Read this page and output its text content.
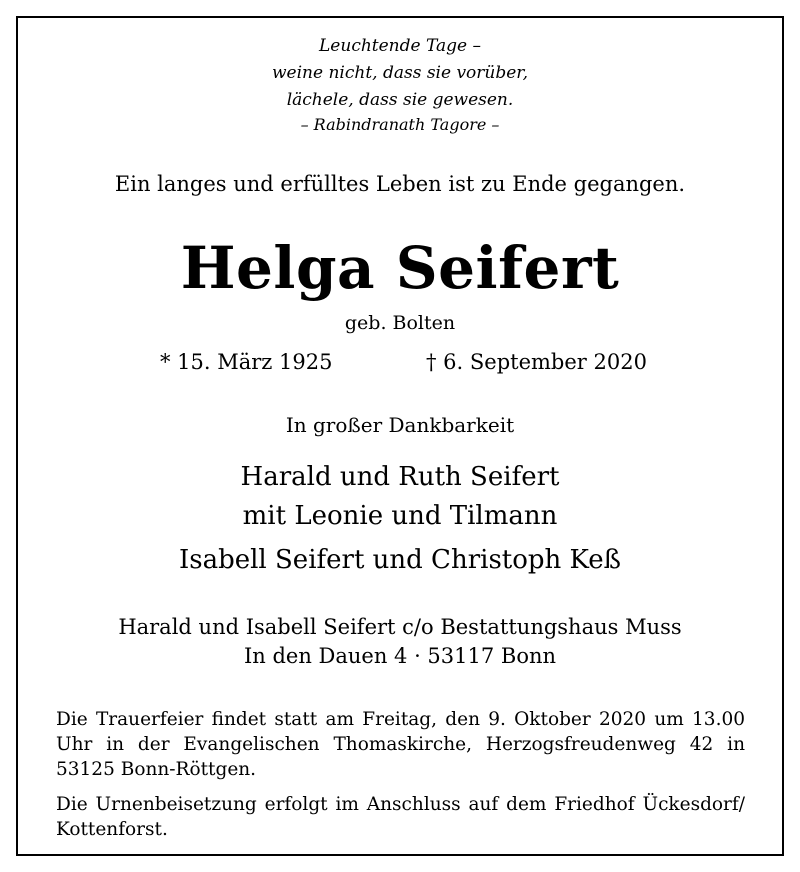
Leuchtende Tage –

weine nicht, dass sie vorüber,

lächele, dass sie gewesen.

– Rabindranath Tagore –

Ein langes und erfülltes Leben ist zu Ende gegangen.

Helga Seifert

geb. Bolten

* 15. März 1925	† 6. September 2020

In großer Dankbarkeit

Harald und Ruth Seifert

mit Leonie und Tilmann

Isabell Seifert und Christoph Keß

Harald und Isabell Seifert c/o Bestattungshaus Muss

In den Dauen 4 · 53117 Bonn

Die Trauerfeier findet statt am Freitag, den 9. Oktober 2020 um 13.00 Uhr in der Evangelischen Thomaskirche, Herzogsfreudenweg 42 in 53125 Bonn-Röttgen.

Die Urnenbeisetzung erfolgt im Anschluss auf dem Friedhof Ückesdorf/ Kottenforst.
